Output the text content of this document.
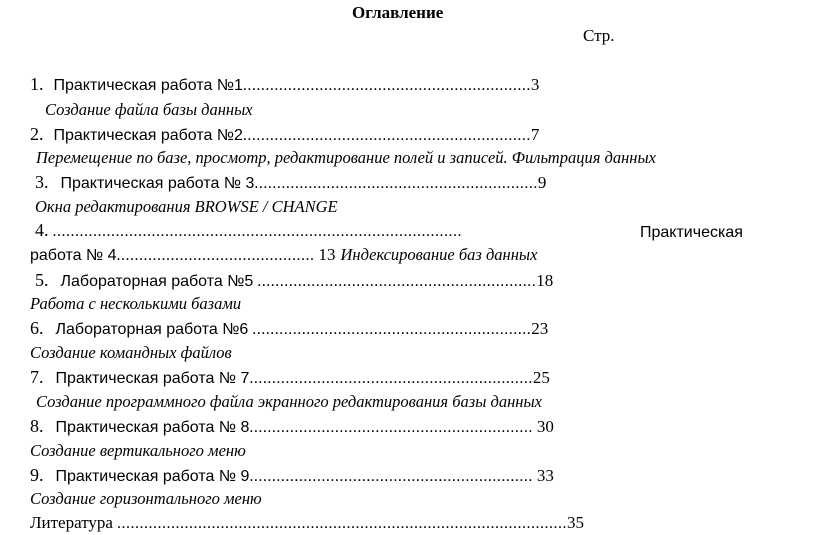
Оглавление
Стр.
1. Практическая работа №1................................................................3
Создание файла базы данных
2. Практическая работа №2................................................................7
Перемещение по базе, просмотр, редактирование полей и записей. Фильтрация данных
3. Практическая работа № 3...............................................................9
Окна редактирования BROWSE / CHANGE
4. ...........................................................................................	Практическая
работа № 4............................................ 13 Индексирование баз данных
5. Лабораторная работа №5 ..............................................................18
Работа с несколькими базами
6. Лабораторная работа №6 ..............................................................23
Создание командных файлов
7. Практическая работа № 7...............................................................25
Создание программного файла экранного редактирования базы данных
8. Практическая работа № 8............................................................... 30
Создание вертикального меню
9. Практическая работа № 9............................................................... 33
Создание горизонтального меню
Литература ....................................................................................................35
